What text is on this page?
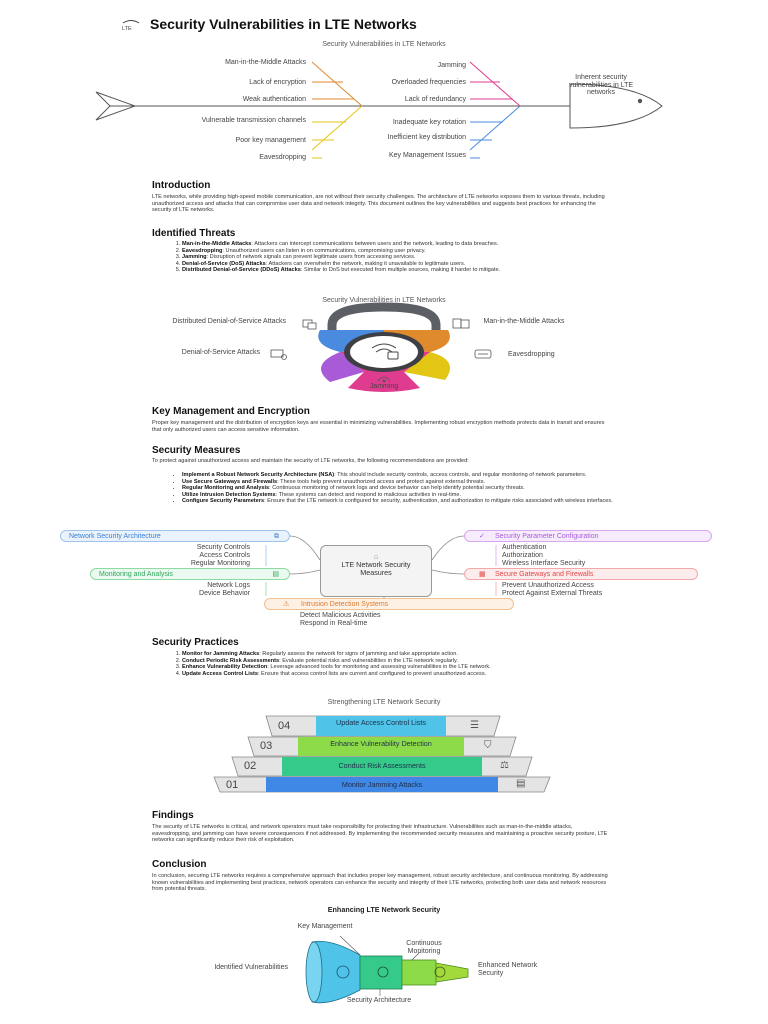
LTE Security Vulnerabilities in LTE Networks
Security Vulnerabilities in LTE Networks
Man-in-the-Middle Attacks
Lack of encryption
Weak authentication
Vulnerable transmission channels
Poor key management
Eavesdropping
Jamming
Overloaded frequencies
Lack of redundancy
Inadequate key rotation
Inefficient key distribution
Key Management Issues
Inherent security vulnerabilities in LTE networks
Introduction

LTE networks, while providing high-speed mobile communication, are not without their security challenges. The architecture of LTE networks exposes them to various threats, including unauthorized access and attacks that can compromise user data and network integrity. This document outlines the key vulnerabilities and suggests best practices for enhancing the security of LTE networks.

Identified Threats
1. Man-in-the-Middle Attacks: Attackers can intercept communications between users and the network, leading to data breaches.
2. Eavesdropping: Unauthorized users can listen in on communications, compromising user privacy.
3. Jamming: Disruption of network signals can prevent legitimate users from accessing services.
4. Denial-of-Service (DoS) Attacks: Attackers can overwhelm the network, making it unavailable to legitimate users.
5. Distributed Denial-of-Service (DDoS) Attacks: Similar to DoS but executed from multiple sources, making it harder to mitigate.
Security Vulnerabilities in LTE Networks
Distributed Denial-of-Service Attacks	Man-in-the-Middle Attacks
Denial-of-Service Attacks	Eavesdropping
Jamming
Key Management and Encryption

Proper key management and the distribution of encryption keys are essential in minimizing vulnerabilities. Implementing robust encryption methods protects data in transit and ensures that only authorized users can access sensitive information.

Security Measures

To protect against unauthorized access and maintain the security of LTE networks, the following recommendations are provided:

• Implement a Robust Network Security Architecture (NSA): This should include security controls, access controls, and regular monitoring of network parameters.
• Use Secure Gateways and Firewalls: These tools help prevent unauthorized access and protect against external threats.
• Regular Monitoring and Analysis: Continuous monitoring of network logs and device behavior can help identify potential security threats.
• Utilize Intrusion Detection Systems: These systems can detect and respond to malicious activities in real-time.
• Configure Security Parameters: Ensure that the LTE network is configured for security, authentication, and authorization to mitigate risks associated with wireless interfaces.
⌂
LTE Network Security Measures
Network Security Architecture	⧉
Security Controls
Access Controls
Regular Monitoring
Monitoring and Analysis	▤
Network Logs
Device Behavior
✓ Security Parameter Configuration
Authentication
Authorization
Wireless Interface Security
▦ Secure Gateways and Firewalls
Prevent Unauthorized Access
Protect Against External Threats
⚠ Intrusion Detection Systems
Detect Malicious Activities
Respond in Real-time
Security Practices
1. Monitor for Jamming Attacks: Regularly assess the network for signs of jamming and take appropriate action.
2. Conduct Periodic Risk Assessments: Evaluate potential risks and vulnerabilities in the LTE network regularly.
3. Enhance Vulnerability Detection: Leverage advanced tools for monitoring and assessing vulnerabilities in the LTE network.
4. Update Access Control Lists: Ensure that access control lists are current and configured to prevent unauthorized access.
Strengthening LTE Network Security
04
03
02
01
Update Access Control Lists
Enhance Vulnerability Detection
Conduct Risk Assessments
Monitor Jamming Attacks
☰
⛉
⚖
▤
Findings

The security of LTE networks is critical, and network operators must take responsibility for protecting their infrastructure. Vulnerabilities such as man-in-the-middle attacks, eavesdropping, and jamming can have severe consequences if not addressed. By implementing the recommended security measures and maintaining a proactive security posture, LTE networks can significantly reduce their risk of exploitation.

Conclusion

In conclusion, securing LTE networks requires a comprehensive approach that includes proper key management, robust security architecture, and continuous monitoring. By addressing known vulnerabilities and implementing best practices, network operators can enhance the security and integrity of their LTE networks, protecting both user data and network resources from potential threats.

Enhancing LTE Network Security
Key Management
Continuous Monitoring
Identified Vulnerabilities	Enhanced Network Security
Security Architecture
